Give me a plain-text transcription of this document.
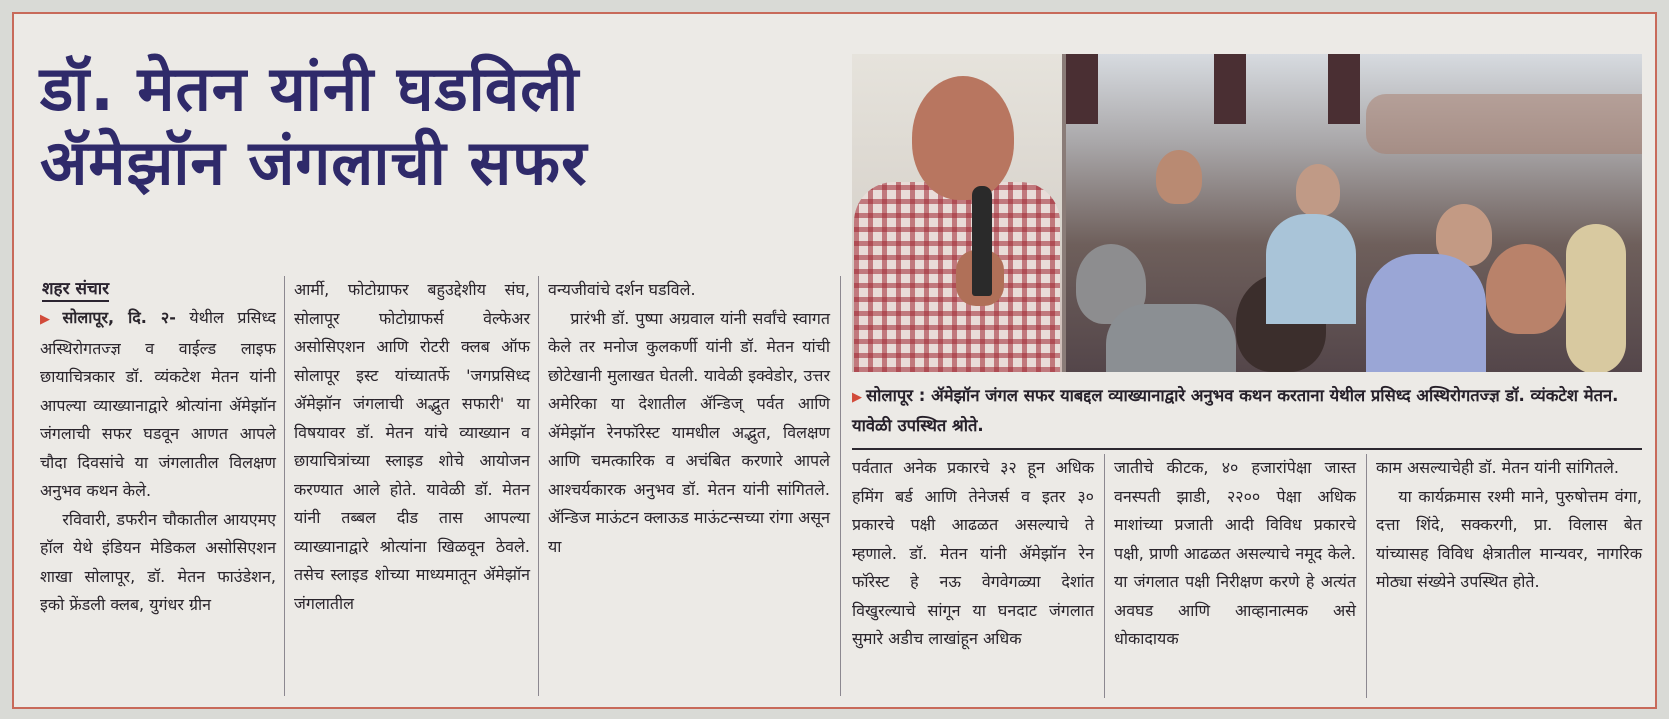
डॉ. मेतन यांनी घडविली
ॲमेझॉन जंगलाची सफर
शहर संचार

▶ सोलापूर, दि. २- येथील प्रसिध्द अस्थिरोगतज्ज्ञ व वाईल्ड लाइफ छायाचित्रकार डॉ. व्यंकटेश मेतन यांनी आपल्या व्याख्यानाद्वारे श्रोत्यांना ॲमेझॉन जंगलाची सफर घडवून आणत आपले चौदा दिवसांचे या जंगलातील विलक्षण अनुभव कथन केले.

रविवारी, डफरीन चौकातील आयएमए हॉल येथे इंडियन मेडिकल असोसिएशन शाखा सोलापूर, डॉ. मेतन फाउंडेशन, इको फ्रेंडली क्लब, युगंधर ग्रीन

आर्मी, फोटोग्राफर बहुउद्देशीय संघ, सोलापूर फोटोग्राफर्स वेल्फेअर असोसिएशन आणि रोटरी क्लब ऑफ सोलापूर इस्ट यांच्यातर्फे 'जगप्रसिध्द ॲमेझॉन जंगलाची अद्भुत सफारी' या विषयावर डॉ. मेतन यांचे व्याख्यान व छायाचित्रांच्या स्लाइड शोचे आयोजन करण्यात आले होते. यावेळी डॉ. मेतन यांनी तब्बल दीड तास आपल्या व्याख्यानाद्वारे श्रोत्यांना खिळवून ठेवले. तसेच स्लाइड शोच्या माध्यमातून ॲमेझॉन जंगलातील

वन्यजीवांचे दर्शन घडविले.

प्रारंभी डॉ. पुष्पा अग्रवाल यांनी सर्वांचे स्वागत केले तर मनोज कुलकर्णी यांनी डॉ. मेतन यांची छोटेखानी मुलाखत घेतली. यावेळी इक्वेडोर, उत्तर अमेरिका या देशातील ॲन्डिज् पर्वत आणि ॲमेझॉन रेनफॉरेस्ट यामधील अद्भुत, विलक्षण आणि चमत्कारिक व अचंबित करणारे आपले आश्चर्यकारक अनुभव डॉ. मेतन यांनी सांगितले. ॲन्डिज माऊंटन क्लाऊड माऊंटन्सच्या रांगा असून या

▶ सोलापूर : ॲमेझॉन जंगल सफर याबद्दल व्याख्यानाद्वारे अनुभव कथन करताना येथील प्रसिध्द अस्थिरोगतज्ज्ञ डॉ. व्यंकटेश मेतन. यावेळी उपस्थित श्रोते.

पर्वतात अनेक प्रकारचे ३२ हून अधिक हमिंग बर्ड आणि तेनेजर्स व इतर ३० प्रकारचे पक्षी आढळत असल्याचे ते म्हणाले. डॉ. मेतन यांनी ॲमेझॉन रेन फॉरेस्ट हे नऊ वेगवेगळ्या देशांत विखुरल्याचे सांगून या घनदाट जंगलात सुमारे अडीच लाखांहून अधिक

जातीचे कीटक, ४० हजारांपेक्षा जास्त वनस्पती झाडी, २२०० पेक्षा अधिक माशांच्या प्रजाती आदी विविध प्रकारचे पक्षी, प्राणी आढळत असल्याचे नमूद केले. या जंगलात पक्षी निरीक्षण करणे हे अत्यंत अवघड आणि आव्हानात्मक असे धोकादायक

काम असल्याचेही डॉ. मेतन यांनी सांगितले.

या कार्यक्रमास रश्मी माने, पुरुषोत्तम वंगा, दत्ता शिंदे, सक्करगी, प्रा. विलास बेत यांच्यासह विविध क्षेत्रातील मान्यवर, नागरिक मोठ्या संख्येने उपस्थित होते.
